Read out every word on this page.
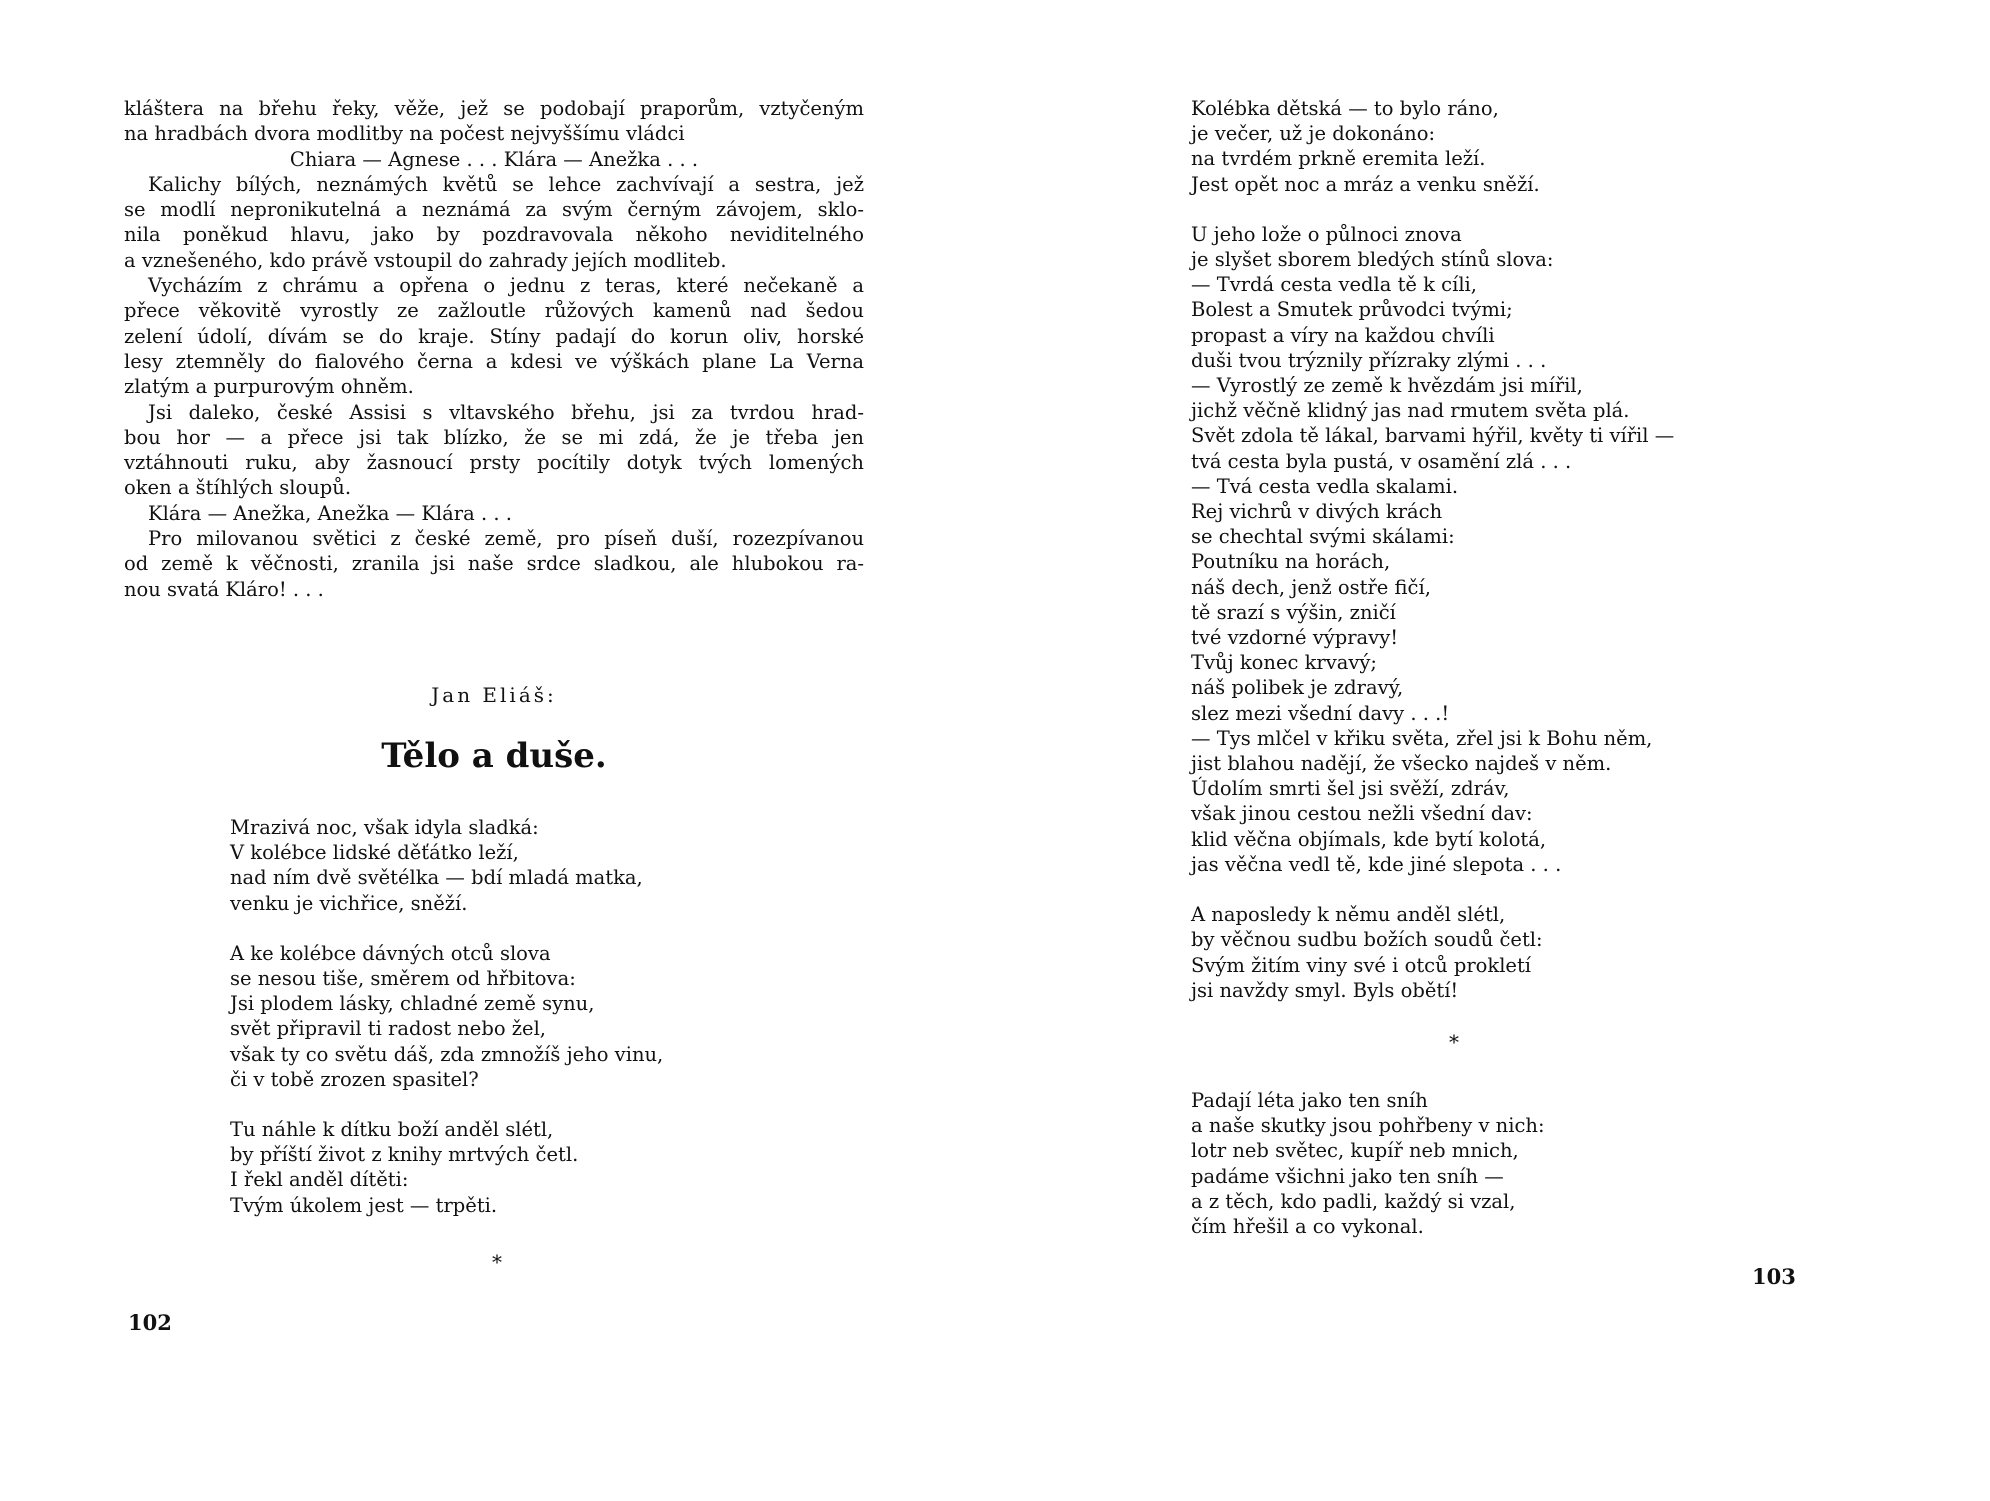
kláštera na břehu řeky, věže, jež se podobají praporům, vztyčeným
na hradbách dvora modlitby na počest nejvyššímu vládci
Chiara — Agnese . . . Klára — Anežka . . .
Kalichy bílých, neznámých květů se lehce zachvívají a sestra, jež
se modlí nepronikutelná a neznámá za svým černým závojem, sklo-
nila poněkud hlavu, jako by pozdravovala někoho neviditelného
a vznešeného, kdo právě vstoupil do zahrady jejích modliteb.
Vycházím z chrámu a opřena o jednu z teras, které nečekaně a
přece věkovitě vyrostly ze zažloutle růžových kamenů nad šedou
zelení údolí, dívám se do kraje. Stíny padají do korun oliv, horské
lesy ztemněly do fialového černa a kdesi ve výškách plane La Verna
zlatým a purpurovým ohněm.
Jsi daleko, české Assisi s vltavského břehu, jsi za tvrdou hrad-
bou hor — a přece jsi tak blízko, že se mi zdá, že je třeba jen
vztáhnouti ruku, aby žasnoucí prsty pocítily dotyk tvých lomených
oken a štíhlých sloupů.
Klára — Anežka, Anežka — Klára . . .
Pro milovanou světici z české země, pro píseň duší, rozezpívanou
od země k věčnosti, zranila jsi naše srdce sladkou, ale hlubokou ra-
nou svatá Kláro! . . .
Jan Eliáš:
Tělo a duše.
Mrazivá noc, však idyla sladká:
V kolébce lidské děťátko leží,
nad ním dvě světélka — bdí mladá matka,
venku je vichřice, sněží.
A ke kolébce dávných otců slova
se nesou tiše, směrem od hřbitova:
Jsi plodem lásky, chladné země synu,
svět připravil ti radost nebo žel,
však ty co světu dáš, zda zmnožíš jeho vinu,
či v tobě zrozen spasitel?
Tu náhle k dítku boží anděl slétl,
by příští život z knihy mrtvých četl.
I řekl anděl dítěti:
Tvým úkolem jest — trpěti.
*
102
Kolébka dětská — to bylo ráno,
je večer, už je dokonáno:
na tvrdém prkně eremita leží.
Jest opět noc a mráz a venku sněží.
U jeho lože o půlnoci znova
je slyšet sborem bledých stínů slova:
— Tvrdá cesta vedla tě k cíli,
Bolest a Smutek průvodci tvými;
propast a víry na každou chvíli
duši tvou trýznily přízraky zlými . . .
— Vyrostlý ze země k hvězdám jsi mířil,
jichž věčně klidný jas nad rmutem světa plá.
Svět zdola tě lákal, barvami hýřil, květy ti vířil —
tvá cesta byla pustá, v osamění zlá . . .
— Tvá cesta vedla skalami.
Rej vichrů v divých krách
se chechtal svými skálami:
Poutníku na horách,
náš dech, jenž ostře fičí,
tě srazí s výšin, zničí
tvé vzdorné výpravy!
Tvůj konec krvavý;
náš polibek je zdravý,
slez mezi všední davy . . .!
— Tys mlčel v křiku světa, zřel jsi k Bohu něm,
jist blahou nadějí, že všecko najdeš v něm.
Údolím smrti šel jsi svěží, zdráv,
však jinou cestou nežli všední dav:
klid věčna objímals, kde bytí kolotá,
jas věčna vedl tě, kde jiné slepota . . .
A naposledy k němu anděl slétl,
by věčnou sudbu božích soudů četl:
Svým žitím viny své i otců prokletí
jsi navždy smyl. Byls obětí!
*
Padají léta jako ten sníh
a naše skutky jsou pohřbeny v nich:
lotr neb světec, kupíř neb mnich,
padáme všichni jako ten sníh —
a z těch, kdo padli, každý si vzal,
čím hřešil a co vykonal.
103
